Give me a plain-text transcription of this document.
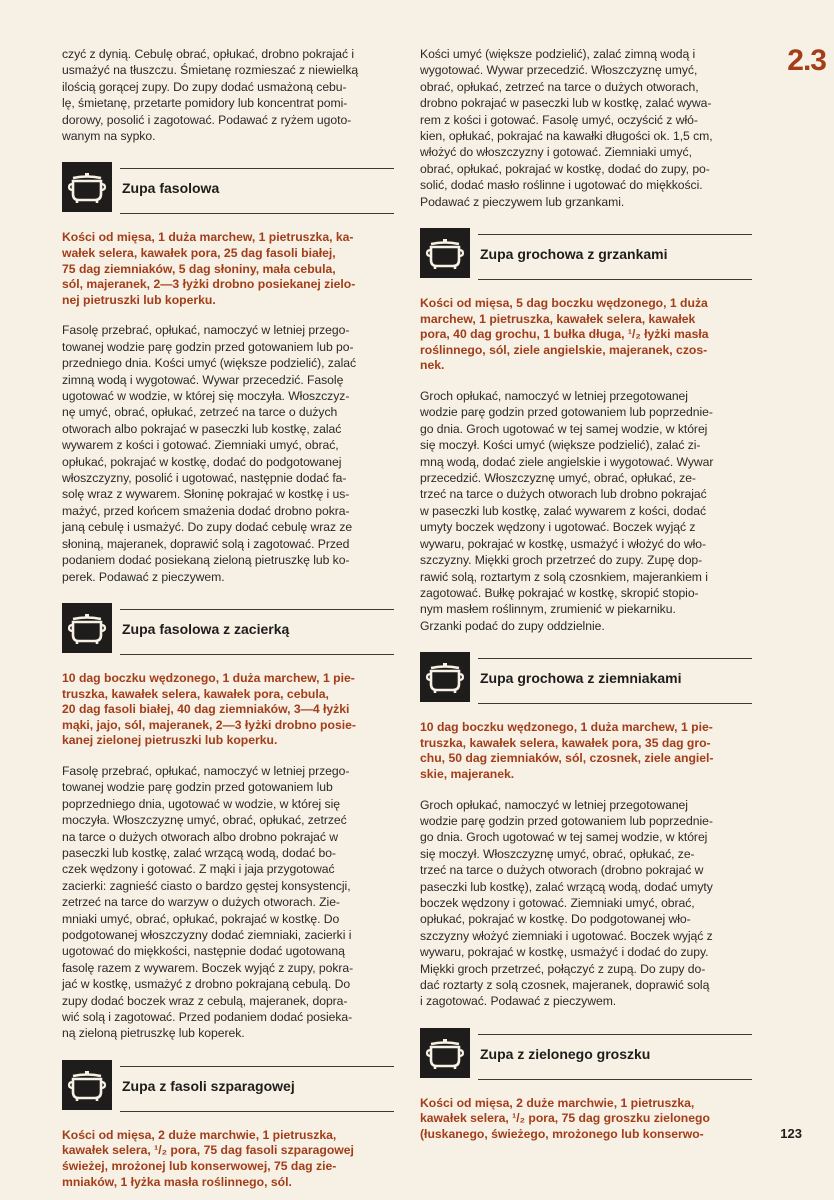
2.3

czyć z dynią. Cebulę obrać, opłukać, drobno pokrajać i

usmażyć na tłuszczu. Śmietanę rozmieszać z niewielką

ilością gorącej zupy. Do zupy dodać usmażoną cebu-

lę, śmietanę, przetarte pomidory lub koncentrat pomi-

dorowy, posolić i zagotować. Podawać z ryżem ugoto-

wanym na sypko.

Zupa fasolowa

Kości od mięsa, 1 duża marchew, 1 pietruszka, ka-

wałek selera, kawałek pora, 25 dag fasoli białej,

75 dag ziemniaków, 5 dag słoniny, mała cebula,

sól, majeranek, 2—3 łyżki drobno posiekanej zielo-

nej pietruszki lub koperku.

Fasolę przebrać, opłukać, namoczyć w letniej przego-

towanej wodzie parę godzin przed gotowaniem lub po-

przedniego dnia. Kości umyć (większe podzielić), zalać

zimną wodą i wygotować. Wywar przecedzić. Fasolę

ugotować w wodzie, w której się moczyła. Włoszczyz-

nę umyć, obrać, opłukać, zetrzeć na tarce o dużych

otworach albo pokrajać w paseczki lub kostkę, zalać

wywarem z kości i gotować. Ziemniaki umyć, obrać,

opłukać, pokrajać w kostkę, dodać do podgotowanej

włoszczyzny, posolić i ugotować, następnie dodać fa-

solę wraz z wywarem. Słoninę pokrajać w kostkę i us-

mażyć, przed końcem smażenia dodać drobno pokra-

janą cebulę i usmażyć. Do zupy dodać cebulę wraz ze

słoniną, majeranek, doprawić solą i zagotować. Przed

podaniem dodać posiekaną zieloną pietruszkę lub ko-

perek. Podawać z pieczywem.

Zupa fasolowa z zacierką

10 dag boczku wędzonego, 1 duża marchew, 1 pie-

truszka, kawałek selera, kawałek pora, cebula,

20 dag fasoli białej, 40 dag ziemniaków, 3—4 łyżki

mąki, jajo, sól, majeranek, 2—3 łyżki drobno posie-

kanej zielonej pietruszki lub koperku.

Fasolę przebrać, opłukać, namoczyć w letniej przego-

towanej wodzie parę godzin przed gotowaniem lub

poprzedniego dnia, ugotować w wodzie, w której się

moczyła. Włoszczyznę umyć, obrać, opłukać, zetrzeć

na tarce o dużych otworach albo drobno pokrajać w

paseczki lub kostkę, zalać wrzącą wodą, dodać bo-

czek wędzony i gotować. Z mąki i jaja przygotować

zacierki: zagnieść ciasto o bardzo gęstej konsystencji,

zetrzeć na tarce do warzyw o dużych otworach. Zie-

mniaki umyć, obrać, opłukać, pokrajać w kostkę. Do

podgotowanej włoszczyzny dodać ziemniaki, zacierki i

ugotować do miękkości, następnie dodać ugotowaną

fasolę razem z wywarem. Boczek wyjąć z zupy, pokra-

jać w kostkę, usmażyć z drobno pokrajaną cebulą. Do

zupy dodać boczek wraz z cebulą, majeranek, dopra-

wić solą i zagotować. Przed podaniem dodać posieka-

ną zieloną pietruszkę lub koperek.

Zupa z fasoli szparagowej

Kości od mięsa, 2 duże marchwie, 1 pietruszka,

kawałek selera, ¹/₂ pora, 75 dag fasoli szparagowej

świeżej, mrożonej lub konserwowej, 75 dag zie-

mniaków, 1 łyżka masła roślinnego, sól.

Kości umyć (większe podzielić), zalać zimną wodą i

wygotować. Wywar przecedzić. Włoszczyznę umyć,

obrać, opłukać, zetrzeć na tarce o dużych otworach,

drobno pokrajać w paseczki lub w kostkę, zalać wywa-

rem z kości i gotować. Fasolę umyć, oczyścić z włó-

kien, opłukać, pokrajać na kawałki długości ok. 1,5 cm,

włożyć do włoszczyzny i gotować. Ziemniaki umyć,

obrać, opłukać, pokrajać w kostkę, dodać do zupy, po-

solić, dodać masło roślinne i ugotować do miękkości.

Podawać z pieczywem lub grzankami.

Zupa grochowa z grzankami

Kości od mięsa, 5 dag boczku wędzonego, 1 duża

marchew, 1 pietruszka, kawałek selera, kawałek

pora, 40 dag grochu, 1 bułka długa, ¹/₂ łyżki masła

roślinnego, sól, ziele angielskie, majeranek, czos-

nek.

Groch opłukać, namoczyć w letniej przegotowanej

wodzie parę godzin przed gotowaniem lub poprzednie-

go dnia. Groch ugotować w tej samej wodzie, w której

się moczył. Kości umyć (większe podzielić), zalać zi-

mną wodą, dodać ziele angielskie i wygotować. Wywar

przecedzić. Włoszczyznę umyć, obrać, opłukać, ze-

trzeć na tarce o dużych otworach lub drobno pokrajać

w paseczki lub kostkę, zalać wywarem z kości, dodać

umyty boczek wędzony i ugotować. Boczek wyjąć z

wywaru, pokrajać w kostkę, usmażyć i włożyć do wło-

szczyzny. Miękki groch przetrzeć do zupy. Zupę dop-

rawić solą, roztartym z solą czosnkiem, majerankiem i

zagotować. Bułkę pokrajać w kostkę, skropić stopio-

nym masłem roślinnym, zrumienić w piekarniku.

Grzanki podać do zupy oddzielnie.

Zupa grochowa z ziemniakami

10 dag boczku wędzonego, 1 duża marchew, 1 pie-

truszka, kawałek selera, kawałek pora, 35 dag gro-

chu, 50 dag ziemniaków, sól, czosnek, ziele angiel-

skie, majeranek.

Groch opłukać, namoczyć w letniej przegotowanej

wodzie parę godzin przed gotowaniem lub poprzednie-

go dnia. Groch ugotować w tej samej wodzie, w której

się moczył. Włoszczyznę umyć, obrać, opłukać, ze-

trzeć na tarce o dużych otworach (drobno pokrajać w

paseczki lub kostkę), zalać wrzącą wodą, dodać umyty

boczek wędzony i gotować. Ziemniaki umyć, obrać,

opłukać, pokrajać w kostkę. Do podgotowanej wło-

szczyzny włożyć ziemniaki i ugotować. Boczek wyjąć z

wywaru, pokrajać w kostkę, usmażyć i dodać do zupy.

Miękki groch przetrzeć, połączyć z zupą. Do zupy do-

dać roztarty z solą czosnek, majeranek, doprawić solą

i zagotować. Podawać z pieczywem.

Zupa z zielonego groszku

Kości od mięsa, 2 duże marchwie, 1 pietruszka,

kawałek selera, ¹/₂ pora, 75 dag groszku zielonego

(łuskanego, świeżego, mrożonego lub konserwo-	123
